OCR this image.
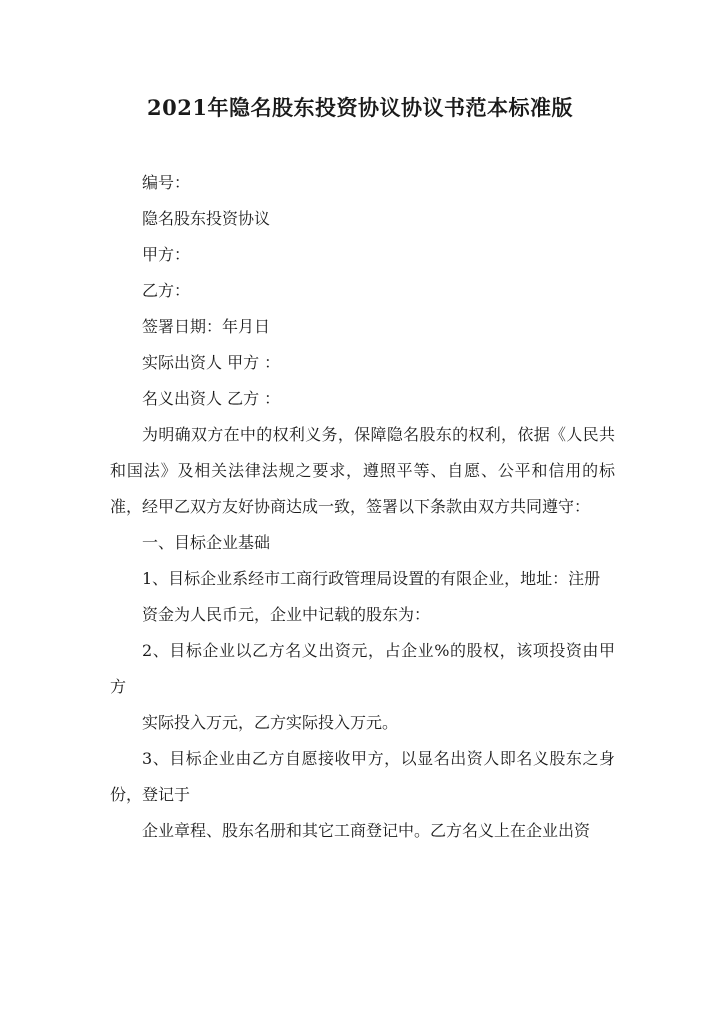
2021年隐名股东投资协议协议书范本标准版

编号：

隐名股东投资协议

甲方：

乙方：

签署日期：年月日

实际出资人 甲方 ：

名义出资人 乙方 ：

为明确双方在中的权利义务，保障隐名股东的权利，依据《人民共和国法》及相关法律法规之要求，遵照平等、自愿、公平和信用的标准，经甲乙双方友好协商达成一致，签署以下条款由双方共同遵守：

一、目标企业基础

1、目标企业系经市工商行政管理局设置的有限企业，地址：注册

资金为人民币元，企业中记载的股东为：

2、目标企业以乙方名义出资元，占企业%的股权，该项投资由甲方

实际投入万元，乙方实际投入万元。

3、目标企业由乙方自愿接收甲方，以显名出资人即名义股东之身份，登记于

企业章程、股东名册和其它工商登记中。乙方名义上在企业出资
